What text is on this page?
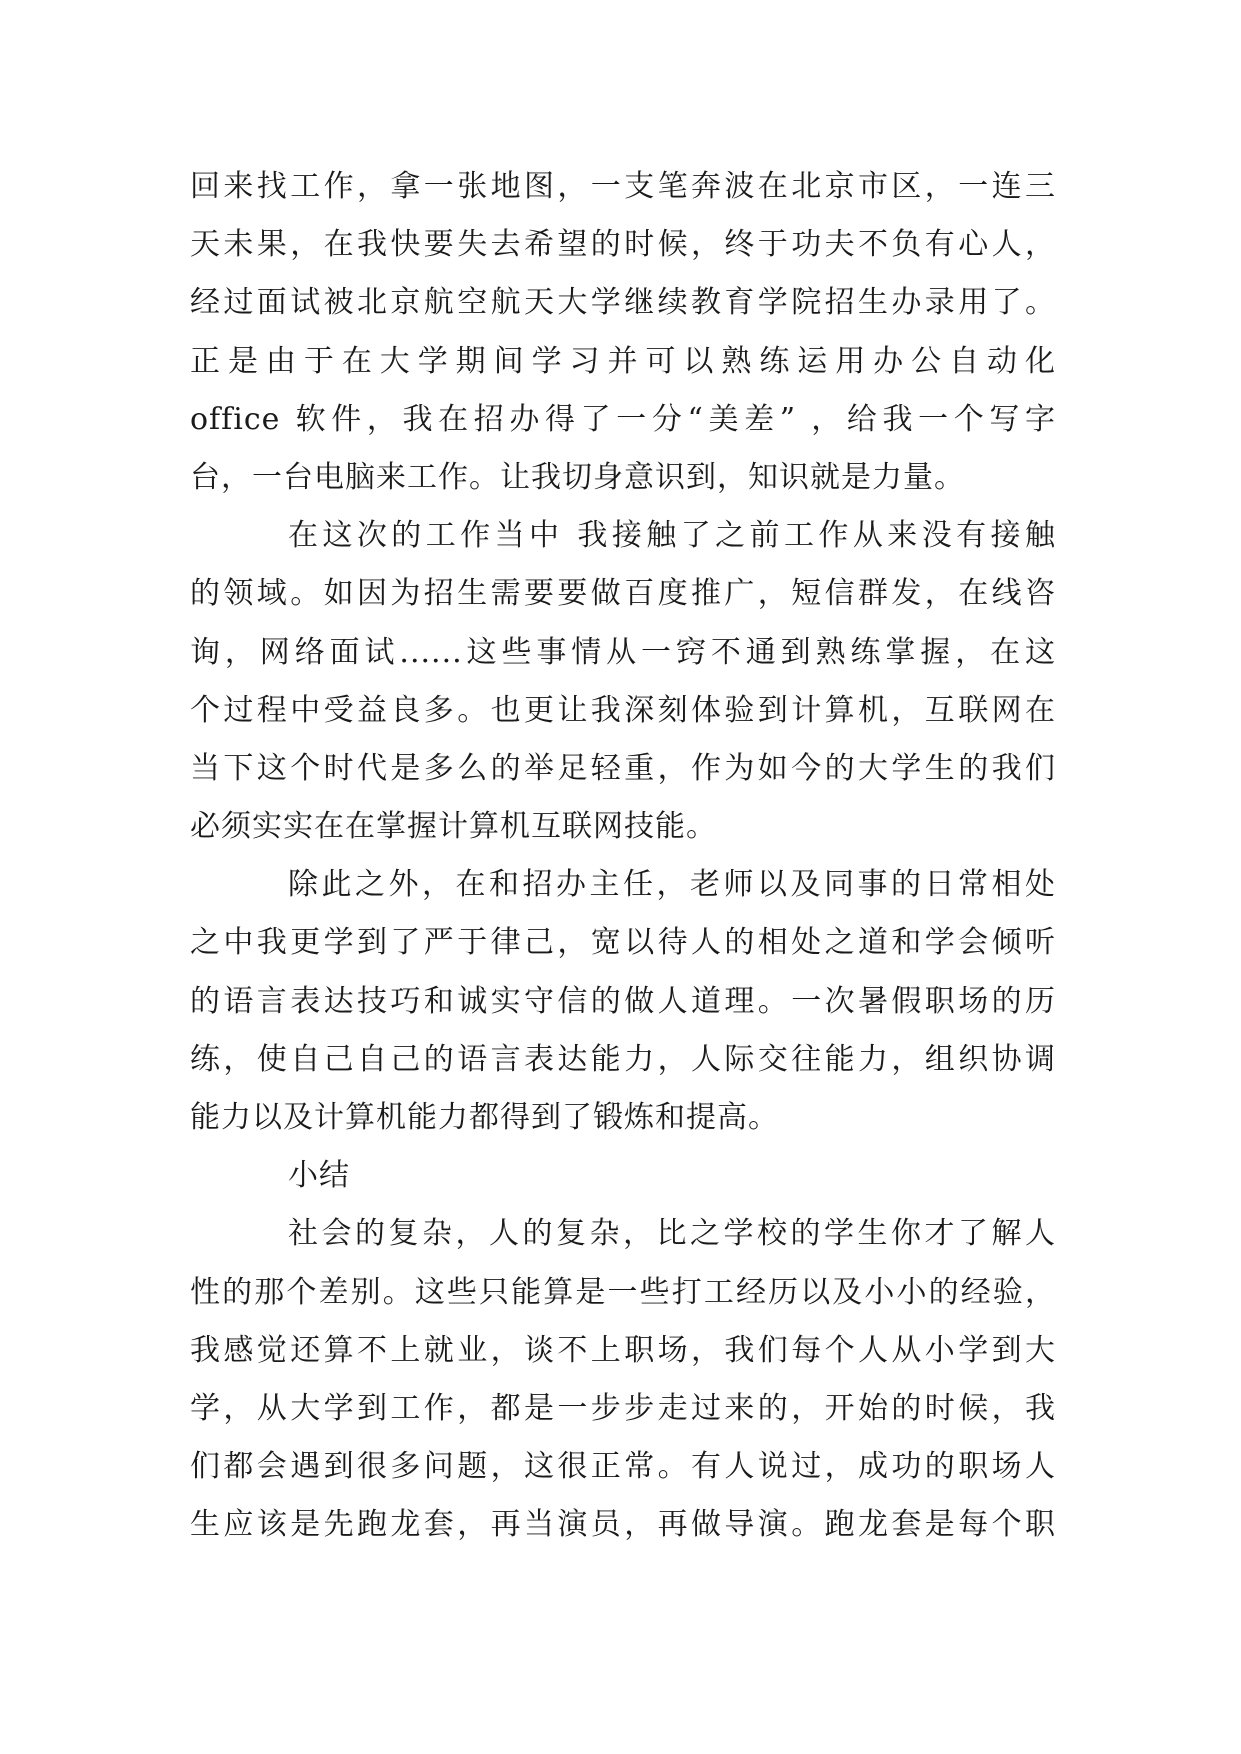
回来找工作，拿一张地图，一支笔奔波在北京市区，一连三
天未果，在我快要失去希望的时候，终于功夫不负有心人，
经过面试被北京航空航天大学继续教育学院招生办录用了。
正是由于在大学期间学习并可以熟练运用办公自动化
office 软件，我在招办得了一分“美差” ，给我一个写字
台，一台电脑来工作。让我切身意识到，知识就是力量。
在这次的工作当中 我接触了之前工作从来没有接触
的领域。如因为招生需要要做百度推广，短信群发，在线咨
询，网络面试......这些事情从一窍不通到熟练掌握，在这
个过程中受益良多。也更让我深刻体验到计算机，互联网在
当下这个时代是多么的举足轻重，作为如今的大学生的我们
必须实实在在掌握计算机互联网技能。
除此之外，在和招办主任，老师以及同事的日常相处
之中我更学到了严于律己，宽以待人的相处之道和学会倾听
的语言表达技巧和诚实守信的做人道理。一次暑假职场的历
练，使自己自己的语言表达能力，人际交往能力，组织协调
能力以及计算机能力都得到了锻炼和提高。
小结
社会的复杂，人的复杂，比之学校的学生你才了解人
性的那个差别。这些只能算是一些打工经历以及小小的经验，
我感觉还算不上就业，谈不上职场，我们每个人从小学到大
学，从大学到工作，都是一步步走过来的，开始的时候，我
们都会遇到很多问题，这很正常。有人说过，成功的职场人
生应该是先跑龙套，再当演员，再做导演。跑龙套是每个职
